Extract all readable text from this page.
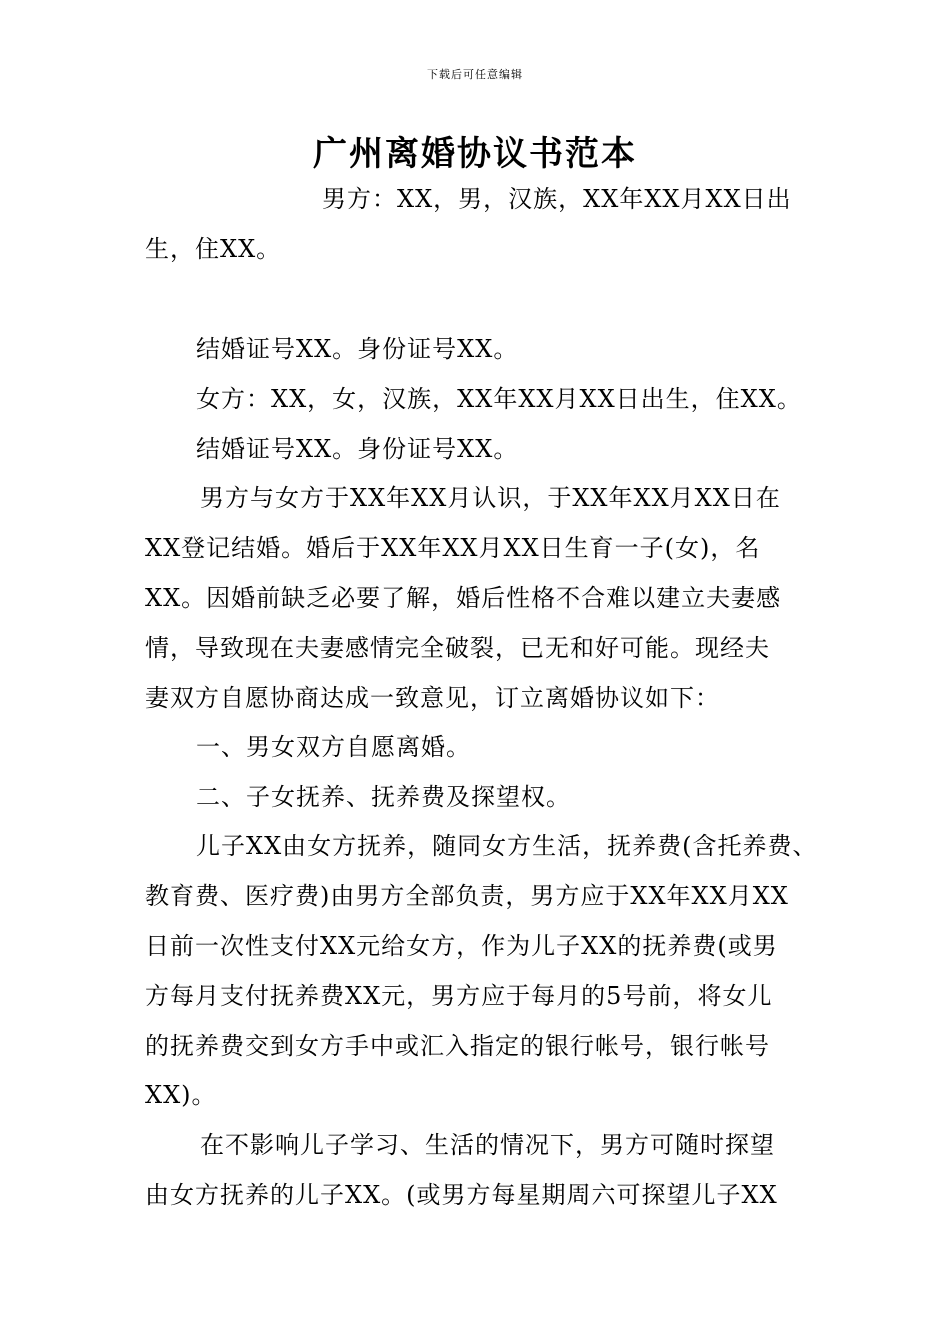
下载后可任意编辑
广州离婚协议书范本
男方：XX，男，汉族，XX年XX月XX日出
生，住XX。
结婚证号XX。身份证号XX。
女方：XX，女，汉族，XX年XX月XX日出生，住XX。
结婚证号XX。身份证号XX。
男方与女方于XX年XX月认识，于XX年XX月XX日在
XX登记结婚。婚后于XX年XX月XX日生育一子(女)，名
XX。因婚前缺乏必要了解，婚后性格不合难以建立夫妻感
情，导致现在夫妻感情完全破裂，已无和好可能。现经夫
妻双方自愿协商达成一致意见，订立离婚协议如下：
一、男女双方自愿离婚。
二、子女抚养、抚养费及探望权。
儿子XX由女方抚养，随同女方生活，抚养费(含托养费、
教育费、医疗费)由男方全部负责，男方应于XX年XX月XX
日前一次性支付XX元给女方，作为儿子XX的抚养费(或男
方每月支付抚养费XX元，男方应于每月的5号前，将女儿
的抚养费交到女方手中或汇入指定的银行帐号，银行帐号
XX)。
在不影响儿子学习、生活的情况下，男方可随时探望
由女方抚养的儿子XX。(或男方每星期周六可探望儿子XX
